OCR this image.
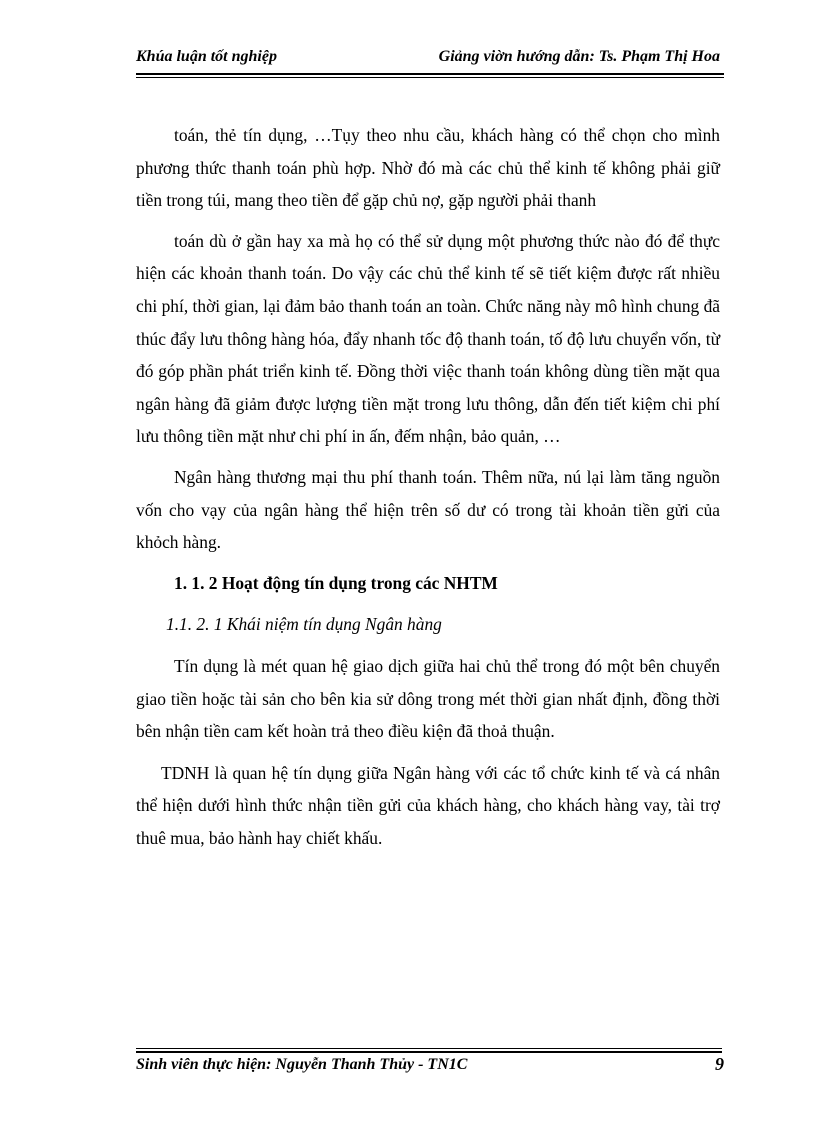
Khúa luận tốt nghiệp	Giảng viờn hướng dẫn: Ts. Phạm Thị Hoa

toán, thẻ tín dụng, …Tụy theo nhu cầu, khách hàng có thể chọn cho mình phương thức thanh toán phù hợp. Nhờ đó mà các chủ thể kinh tế không phải giữ tiền trong túi, mang theo tiền để gặp chủ nợ, gặp người phải thanh

toán dù ở gần hay xa mà họ có thể sử dụng một phương thức nào đó để thực hiện các khoản thanh toán. Do vậy các chủ thể kinh tế sẽ tiết kiệm được rất nhiều chi phí, thời gian, lại đảm bảo thanh toán an toàn. Chức năng này mô hình chung đã thúc đẩy lưu thông hàng hóa, đẩy nhanh tốc độ thanh toán, tố độ lưu chuyển vốn, từ đó góp phần phát triển kinh tế. Đồng thời việc thanh toán không dùng tiền mặt qua ngân hàng đã giảm được lượng tiền mặt trong lưu thông, dẫn đến tiết kiệm chi phí lưu thông tiền mặt như chi phí in ấn, đếm nhận, bảo quản, …

Ngân hàng thương mại thu phí thanh toán. Thêm nữa, nú lại làm tăng nguồn vốn cho vạy của ngân hàng thể hiện trên số dư có trong tài khoản tiền gửi của khỏch hàng.

1. 1. 2 Hoạt động tín dụng trong các NHTM

1.1. 2. 1 Khái niệm tín dụng Ngân hàng

Tín dụng là mét quan hệ giao dịch giữa hai chủ thể trong đó một bên chuyển giao tiền hoặc tài sản cho bên kia sử dông trong mét thời gian nhất định, đồng thời bên nhận tiền cam kết hoàn trả theo điều kiện đã thoả thuận.

TDNH là quan hệ tín dụng giữa Ngân hàng với các tổ chức kinh tế và cá nhân thể hiện dưới hình thức nhận tiền gửi của khách hàng, cho khách hàng vay, tài trợ thuê mua, bảo hành hay chiết khấu.

Sinh viên thực hiện: Nguyễn Thanh Thủy - TN1C	9
